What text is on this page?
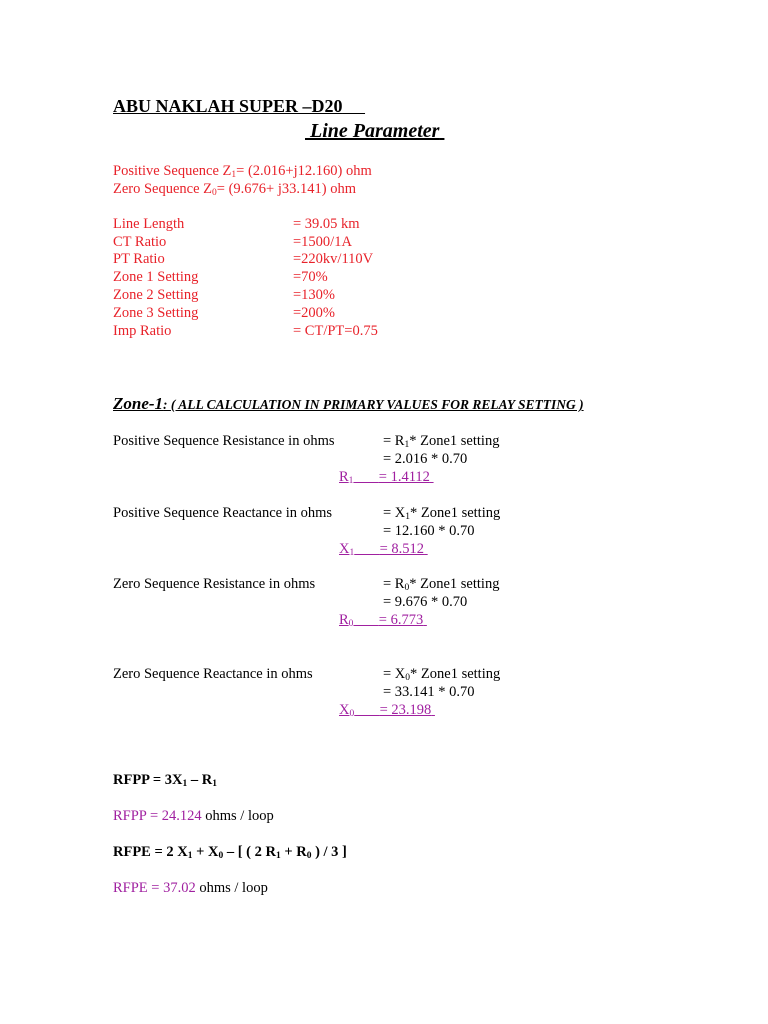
ABU NAKLAH SUPER –D20
Line Parameter
Positive Sequence $Z_1= (2.016+j12.160)$ ohm
Zero Sequence $Z_0= (9.676+ j33.141)$ ohm
Line Length	= 39.05 km
CT Ratio	=1500/1A
PT Ratio	=220kv/110V
Zone 1 Setting	=70%
Zone 2 Setting	=130%
Zone 3 Setting	=200%
Imp Ratio	= CT/PT=0.75
Zone-1: ( ALL CALCULATION IN PRIMARY VALUES FOR RELAY SETTING )
Positive Sequence Resistance in ohms	= $R_1*$ Zone1 setting
= 2.016 * 0.70
$R_1 = 1.4112$
Positive Sequence Reactance in ohms	= $X_1*$ Zone1 setting
= 12.160 * 0.70
$X_1 = 8.512$
Zero Sequence Resistance in ohms	= $R_0*$ Zone1 setting
= 9.676 * 0.70
$R_0 = 6.773$
Zero Sequence Reactance in ohms	= $X_0*$ Zone1 setting
= 33.141 * 0.70
$X_0 = 23.198$
RFPP = $3X_1 - R_1$
RFPP = 24.124 ohms / loop
RFPE = 2 $X_1 + X_0$ – [ ( 2 $R_1 + R_0$ ) / 3 ]
RFPE = 37.02 ohms / loop
